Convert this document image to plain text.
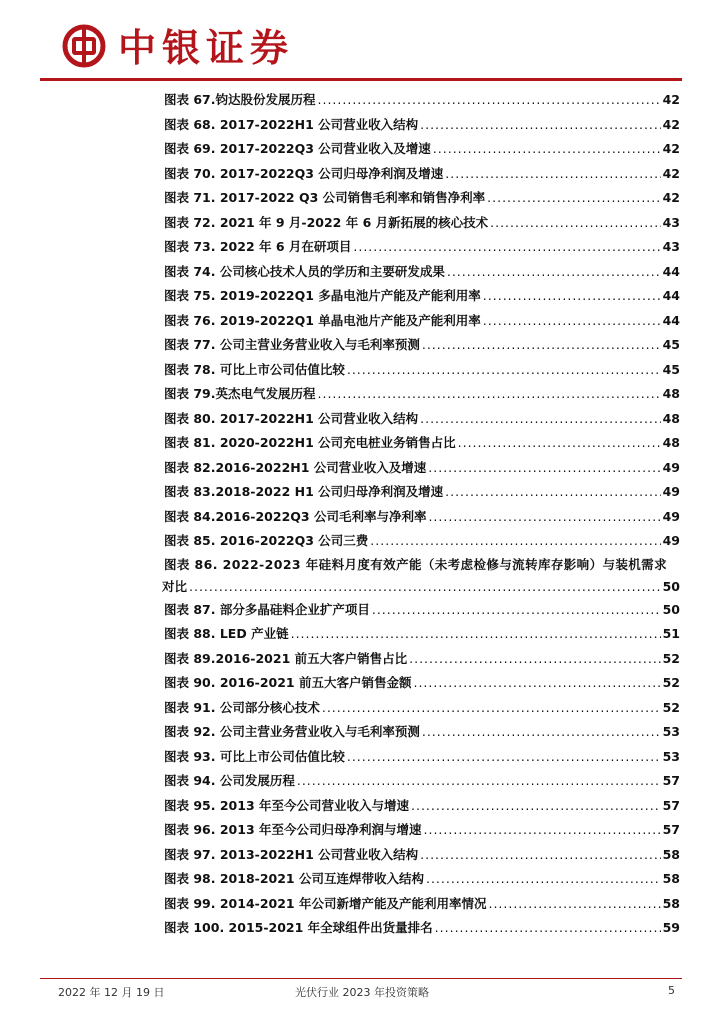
中银证券
图表 67.钧达股份发展历程 .....	42
图表 68. 2017-2022H1 公司营业收入结构 .....	42
图表 69. 2017-2022Q3 公司营业收入及增速 .....	42
图表 70. 2017-2022Q3 公司归母净利润及增速 .....	42
图表 71. 2017-2022 Q3 公司销售毛利率和销售净利率 .....	42
图表 72. 2021 年 9 月-2022 年 6 月新拓展的核心技术 .....	43
图表 73. 2022 年 6 月在研项目 .....	43
图表 74. 公司核心技术人员的学历和主要研发成果 .....	44
图表 75. 2019-2022Q1 多晶电池片产能及产能利用率 .....	44
图表 76. 2019-2022Q1 单晶电池片产能及产能利用率 .....	44
图表 77. 公司主营业务营业收入与毛利率预测 .....	45
图表 78. 可比上市公司估值比较 .....	45
图表 79.英杰电气发展历程 .....	48
图表 80. 2017-2022H1 公司营业收入结构 .....	48
图表 81. 2020-2022H1 公司充电桩业务销售占比 .....	48
图表 82.2016-2022H1 公司营业收入及增速 .....	49
图表 83.2018-2022 H1 公司归母净利润及增速 .....	49
图表 84.2016-2022Q3 公司毛利率与净利率 .....	49
图表 85. 2016-2022Q3 公司三费 .....	49
图表 86. 2022-2023 年硅料月度有效产能（未考虑检修与流转库存影响）与装机需求
对比 .....	50
图表 87. 部分多晶硅料企业扩产项目 .....	50
图表 88. LED 产业链 .....	51
图表 89.2016-2021 前五大客户销售占比 .....	52
图表 90. 2016-2021 前五大客户销售金额 .....	52
图表 91. 公司部分核心技术 .....	52
图表 92. 公司主营业务营业收入与毛利率预测 .....	53
图表 93. 可比上市公司估值比较 .....	53
图表 94. 公司发展历程 .....	57
图表 95. 2013 年至今公司营业收入与增速 .....	57
图表 96. 2013 年至今公司归母净利润与增速 .....	57
图表 97. 2013-2022H1 公司营业收入结构 .....	58
图表 98. 2018-2021 公司互连焊带收入结构 .....	58
图表 99. 2014-2021 年公司新增产能及产能利用率情况 .....	58
图表 100. 2015-2021 年全球组件出货量排名 .....	59
2022 年 12 月 19 日	光伏行业 2023 年投资策略	5
